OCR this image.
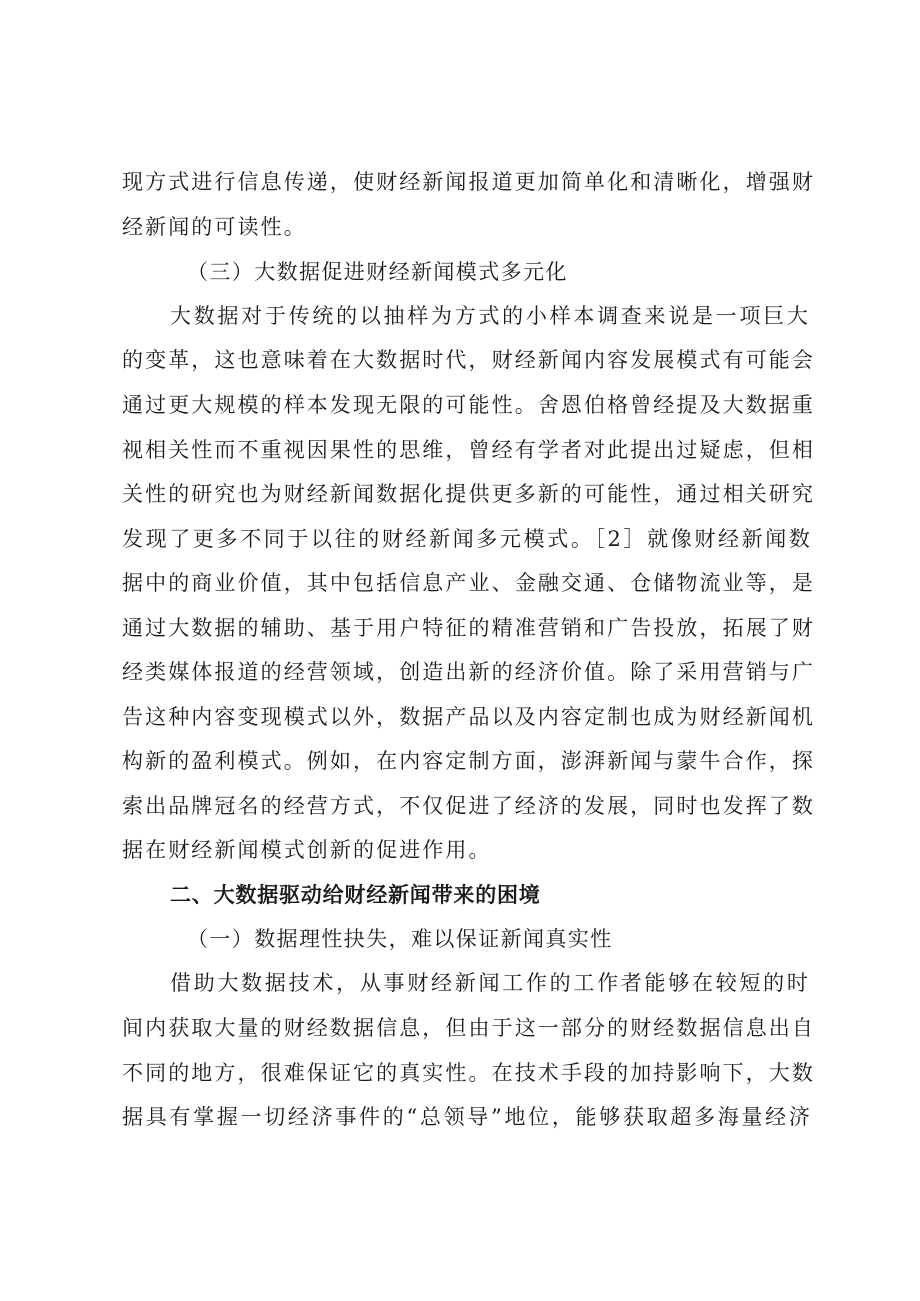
现方式进行信息传递，使财经新闻报道更加简单化和清晰化，增强财
经新闻的可读性。
（三）大数据促进财经新闻模式多元化
大数据对于传统的以抽样为方式的小样本调查来说是一项巨大
的变革，这也意味着在大数据时代，财经新闻内容发展模式有可能会
通过更大规模的样本发现无限的可能性。舍恩伯格曾经提及大数据重
视相关性而不重视因果性的思维，曾经有学者对此提出过疑虑，但相
关性的研究也为财经新闻数据化提供更多新的可能性，通过相关研究
发现了更多不同于以往的财经新闻多元模式。［2］就像财经新闻数
据中的商业价值，其中包括信息产业、金融交通、仓储物流业等，是
通过大数据的辅助、基于用户特征的精准营销和广告投放，拓展了财
经类媒体报道的经营领域，创造出新的经济价值。除了采用营销与广
告这种内容变现模式以外，数据产品以及内容定制也成为财经新闻机
构新的盈利模式。例如，在内容定制方面，澎湃新闻与蒙牛合作，探
索出品牌冠名的经营方式，不仅促进了经济的发展，同时也发挥了数
据在财经新闻模式创新的促进作用。
二、大数据驱动给财经新闻带来的困境
（一）数据理性抉失，难以保证新闻真实性
借助大数据技术，从事财经新闻工作的工作者能够在较短的时
间内获取大量的财经数据信息，但由于这一部分的财经数据信息出自
不同的地方，很难保证它的真实性。在技术手段的加持影响下，大数
据具有掌握一切经济事件的“总领导”地位，能够获取超多海量经济
